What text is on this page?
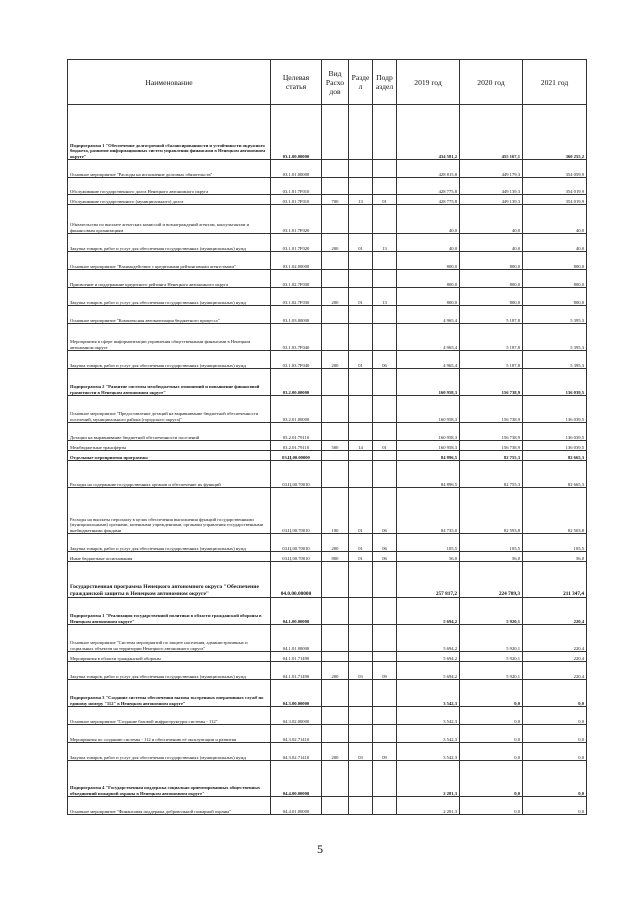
Наименование	Целевая статья	Вид Расхо дов	Разде л	Подр аздел	2019 год	2020 год	2021 год
Подпрограмма 1 "Обеспечение долгосрочной сбалансированности и устойчивости окружного бюджета, развитие информационных систем управления финансами в Ненецком автономном округе"	03.1.00.00000				434 581,2	455 167,1	360 255,2
Основное мероприятие "Расходы на исполнение долговых обязательств"	03.1.01.00000				428 815,8	449 179,3	354 059,9
Обслуживание государственного долга Ненецкого автономного округа	03.1.01.7F010				428 775,8	449 139,3	354 019,9
Обслуживание государственного (муниципального) долга	03.1.01.7F010	700	13	01	428 775,8	449 139,3	354 019,9
Обязательства по выплате агентских комиссий и вознаграждений агентам, консультантам и финансовым организациям	03.1.01.7F020				40,0	40,0	40,0
Закупка товаров, работ и услуг для обеспечения государственных (муниципальных) нужд	03.1.01.7F020	200	01	13	40,0	40,0	40,0
Основное мероприятие "Взаимодействие с кредитными рейтинговыми агентствами"	03.1.02.00000				800,0	800,0	800,0
Присвоение и поддержание кредитного рейтинга Ненецкого автономного округа	03.1.02.7F030				800,0	800,0	800,0
Закупка товаров, работ и услуг для обеспечения государственных (муниципальных) нужд	03.1.02.7F030	200	01	13	800,0	800,0	800,0
Основное мероприятие "Комплексная автоматизация бюджетного процесса"	03.1.03.00000				4 965,4	5 187,8	5 395,3
Мероприятия в сфере информатизации управления общественными финансами в Ненецком автономном округе	03.1.03.7F040				4 965,4	5 187,8	5 395,3
Закупка товаров, работ и услуг для обеспечения государственных (муниципальных) нужд	03.1.03.7F040	200	01	06	4 965,4	5 187,8	5 395,3
Подпрограмма 2 "Развитие системы межбюджетных отношений и повышение финансовой грамотности в Ненецком автономном округе"	03.2.00.00000				160 958,3	156 738,9	136 039,5
Основное мероприятие "Предоставление дотаций на выравнивание бюджетной обеспеченности поселений, муниципального района (городского округа)"	03.2.01.00000				160 958,3	156 738,9	136 039,5
Дотации на выравнивание бюджетной обеспеченности поселений	03.2.01.79110				160 958,3	156 738,9	136 039,5
Межбюджетные трансферты	03.2.01.79110	500	14	01	160 958,3	156 738,9	136 039,5
Отдельные мероприятия программы	03.Ц.00.00000				84 896,5	82 755,3	82 665,3
Расходы на содержание государственных органов и обеспечение их функций	03.Ц.00.70010				84 896,5	82 755,3	82 665,3
Расходы на выплаты персоналу в целях обеспечения выполнения функций государственными (муниципальными) органами, казенными учреждениями, органами управления государственными внебюджетными фондами	03.Ц.00.70010	100	01	06	84 735,0	82 593,8	82 503,8
Закупка товаров, работ и услуг для обеспечения государственных (муниципальных) нужд	03.Ц.00.70010	200	01	06	105,5	105,5	105,5
Иные бюджетные ассигнования	03.Ц.00.70010	800	01	06	56,0	56,0	56,0
Государственная программа Ненецкого автономного округа "Обеспечение гражданской защиты в Ненецком автономном округе"	04.0.00.00000				257 817,2	224 709,3	211 347,4
Подпрограмма 1 "Реализация государственной политики в области гражданской обороны в Ненецком автономном округе"	04.1.00.00000				5 694,2	5 920,1	220,4
Основное мероприятие "Система мероприятий по защите населения, административных и социальных объектов на территории Ненецкого автономного округа"	04.1.01.00000				5 694,2	5 920,1	220,4
Мероприятия в области гражданской обороны	04.1.01.71490				5 694,2	5 920,1	220,4
Закупка товаров, работ и услуг для обеспечения государственных (муниципальных) нужд	04.1.01.71490	200	03	09	5 694,2	5 920,1	220,4
Подпрограмма 3 "Создание системы обеспечения вызова экстренных оперативных служб по единому номеру "112" в Ненецком автономном округе"	04.3.00.00000				3 542,3	0,0	0,0
Основное мероприятие "Создание базовой инфраструктуры системы - 112"	04.3.02.00000				3 542,3	0,0	0,0
Мероприятия по созданию системы - 112 и обеспечению её эксплуатации и развития	04.3.02.71410				3 542,3	0,0	0,0
Закупка товаров, работ и услуг для обеспечения государственных (муниципальных) нужд	04.3.02.71410	200	03	09	3 542,3	0,0	0,0
Подпрограмма 4 "Государственная поддержка социально ориентированных общественных объединений пожарной охраны в Ненецком автономном округе"	04.4.00.00000				2 281,3	0,0	0,0
Основное мероприятие "Финансовая поддержка добровольной пожарной охраны"	04.4.01.00000				2 281,3	0,0	0,0
5
